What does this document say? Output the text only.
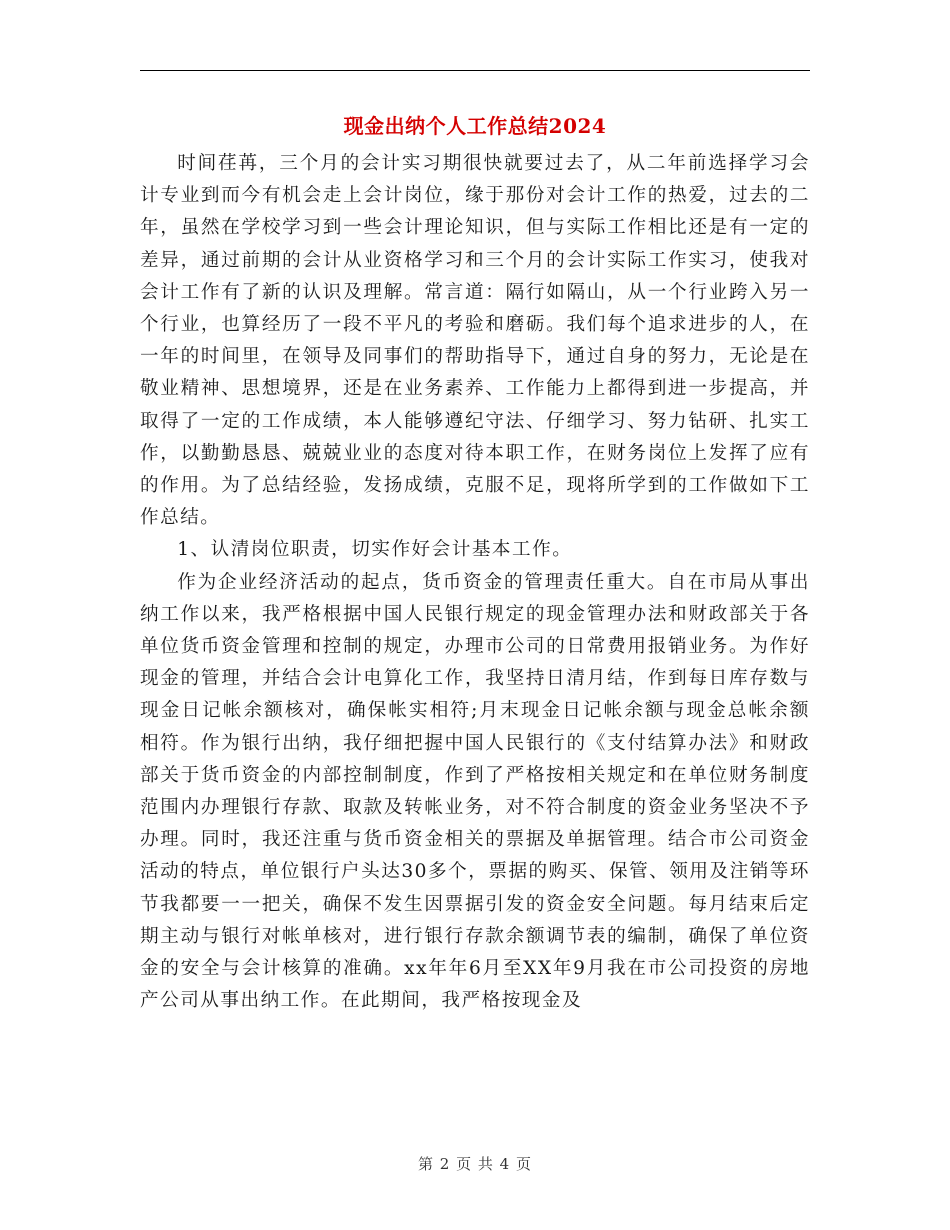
现金出纳个人工作总结2024

时间荏苒，三个月的会计实习期很快就要过去了，从二年前选择学习会计专业到而今有机会走上会计岗位，缘于那份对会计工作的热爱，过去的二年，虽然在学校学习到一些会计理论知识，但与实际工作相比还是有一定的差异，通过前期的会计从业资格学习和三个月的会计实际工作实习，使我对会计工作有了新的认识及理解。常言道：隔行如隔山，从一个行业跨入另一个行业，也算经历了一段不平凡的考验和磨砺。我们每个追求进步的人，在一年的时间里，在领导及同事们的帮助指导下，通过自身的努力，无论是在敬业精神、思想境界，还是在业务素养、工作能力上都得到进一步提高，并取得了一定的工作成绩，本人能够遵纪守法、仔细学习、努力钻研、扎实工作，以勤勤恳恳、兢兢业业的态度对待本职工作，在财务岗位上发挥了应有的作用。为了总结经验，发扬成绩，克服不足，现将所学到的工作做如下工作总结。

1、认清岗位职责，切实作好会计基本工作。

作为企业经济活动的起点，货币资金的管理责任重大。自在市局从事出纳工作以来，我严格根据中国人民银行规定的现金管理办法和财政部关于各单位货币资金管理和控制的规定，办理市公司的日常费用报销业务。为作好现金的管理，并结合会计电算化工作，我坚持日清月结，作到每日库存数与现金日记帐余额核对，确保帐实相符;月末现金日记帐余额与现金总帐余额相符。作为银行出纳，我仔细把握中国人民银行的《支付结算办法》和财政部关于货币资金的内部控制制度，作到了严格按相关规定和在单位财务制度范围内办理银行存款、取款及转帐业务，对不符合制度的资金业务坚决不予办理。同时，我还注重与货币资金相关的票据及单据管理。结合市公司资金活动的特点，单位银行户头达30多个，票据的购买、保管、领用及注销等环节我都要一一把关，确保不发生因票据引发的资金安全问题。每月结束后定期主动与银行对帐单核对，进行银行存款余额调节表的编制，确保了单位资金的安全与会计核算的准确。xx年年6月至XX年9月我在市公司投资的房地产公司从事出纳工作。在此期间，我严格按现金及

第 2 页 共 4 页
